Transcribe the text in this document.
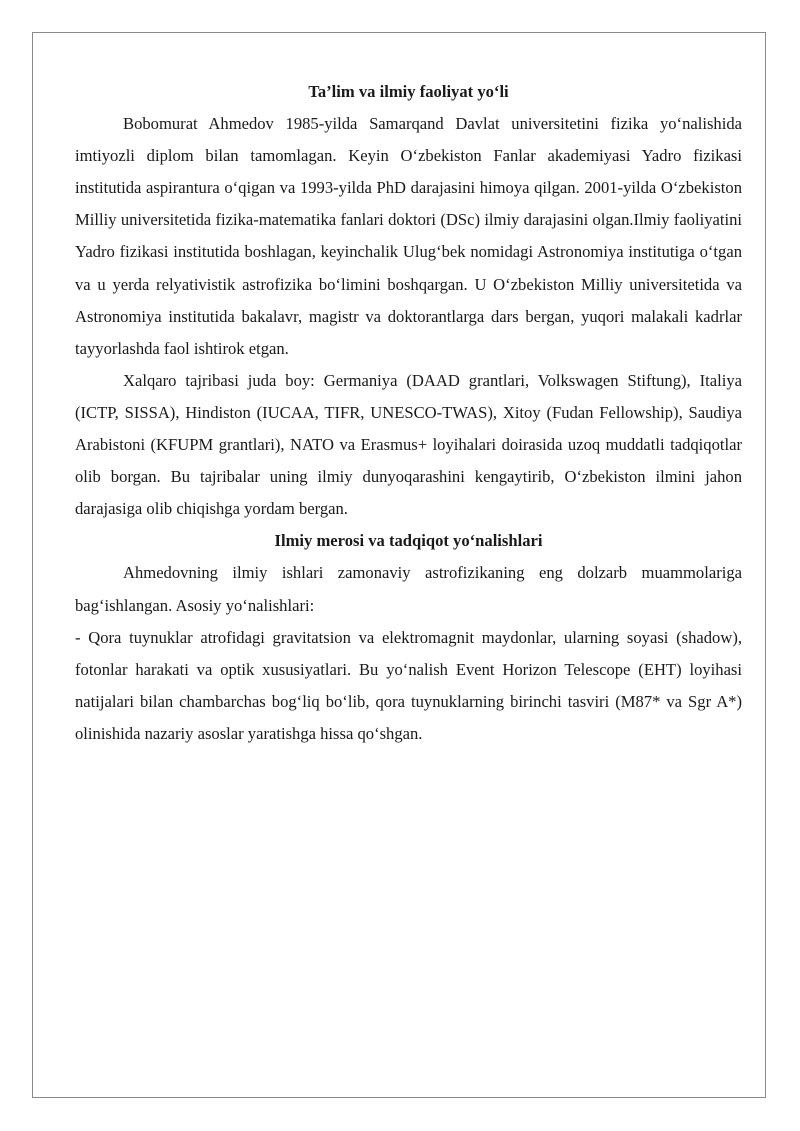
Ta’lim va ilmiy faoliyat yo‘li

Bobomurat Ahmedov 1985-yilda Samarqand Davlat universitetini fizika yo‘nalishida imtiyozli diplom bilan tamomlagan. Keyin O‘zbekiston Fanlar akademiyasi Yadro fizikasi institutida aspirantura o‘qigan va 1993-yilda PhD darajasini himoya qilgan. 2001-yilda O‘zbekiston Milliy universitetida fizika-matematika fanlari doktori (DSc) ilmiy darajasini olgan.Ilmiy faoliyatini Yadro fizikasi institutida boshlagan, keyinchalik Ulug‘bek nomidagi Astronomiya institutiga o‘tgan va u yerda relyativistik astrofizika bo‘limini boshqargan. U O‘zbekiston Milliy universitetida va Astronomiya institutida bakalavr, magistr va doktorantlarga dars bergan, yuqori malakali kadrlar tayyorlashda faol ishtirok etgan.

Xalqaro tajribasi juda boy: Germaniya (DAAD grantlari, Volkswagen Stiftung), Italiya (ICTP, SISSA), Hindiston (IUCAA, TIFR, UNESCO-TWAS), Xitoy (Fudan Fellowship), Saudiya Arabistoni (KFUPM grantlari), NATO va Erasmus+ loyihalari doirasida uzoq muddatli tadqiqotlar olib borgan. Bu tajribalar uning ilmiy dunyoqarashini kengaytirib, O‘zbekiston ilmini jahon darajasiga olib chiqishga yordam bergan.

Ilmiy merosi va tadqiqot yo‘nalishlari

Ahmedovning ilmiy ishlari zamonaviy astrofizikaning eng dolzarb muammolariga bag‘ishlangan. Asosiy yo‘nalishlari:

- Qora tuynuklar atrofidagi gravitatsion va elektromagnit maydonlar, ularning soyasi (shadow), fotonlar harakati va optik xususiyatlari. Bu yo‘nalish Event Horizon Telescope (EHT) loyihasi natijalari bilan chambarchas bog‘liq bo‘lib, qora tuynuklarning birinchi tasviri (M87* va Sgr A*) olinishida nazariy asoslar yaratishga hissa qo‘shgan.
